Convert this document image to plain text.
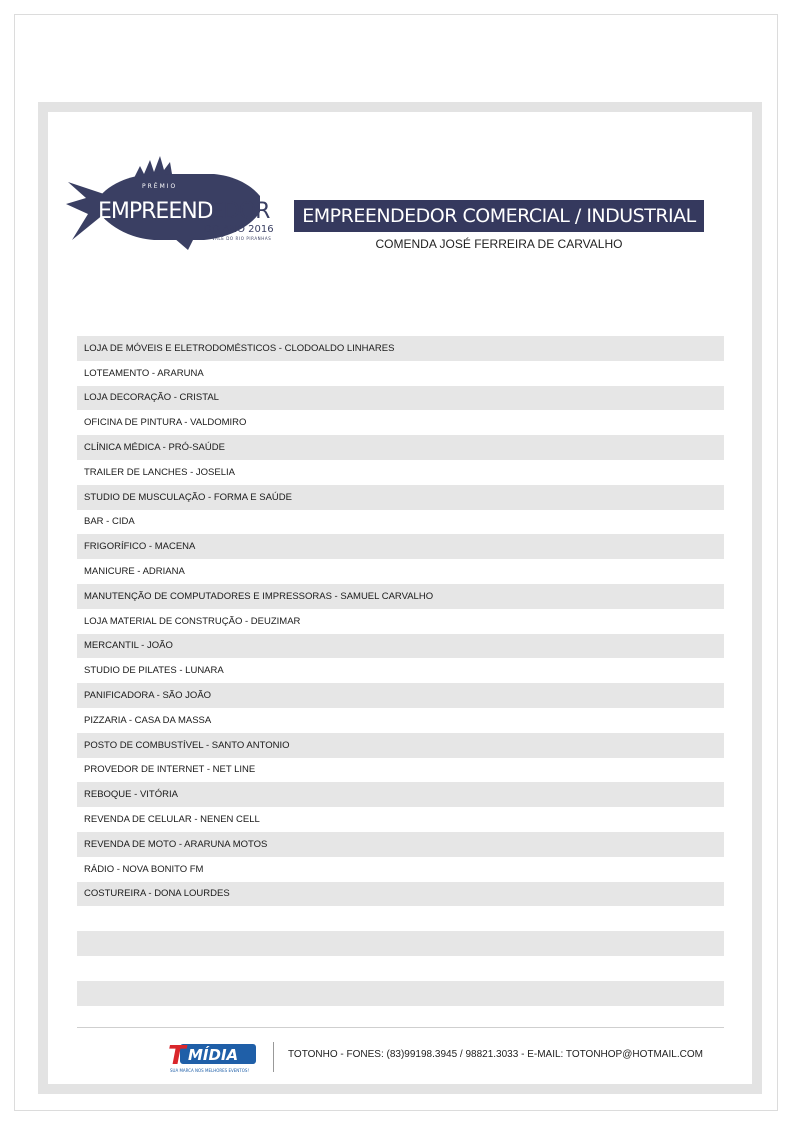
PRÊMIO
EMPREEND
EDOR
DO ANO 2016
VALE DO RIO PIRANHAS
EMPREENDEDOR COMERCIAL / INDUSTRIAL
COMENDA JOSÉ FERREIRA DE CARVALHO
LOJA DE MÓVEIS E ELETRODOMÉSTICOS - CLODOALDO LINHARES
LOTEAMENTO - ARARUNA
LOJA DECORAÇÃO - CRISTAL
OFICINA DE PINTURA - VALDOMIRO
CLÍNICA MÉDICA - PRÓ-SAÚDE
TRAILER DE LANCHES - JOSELIA
STUDIO DE MUSCULAÇÃO - FORMA E SAÚDE
BAR - CIDA
FRIGORÍFICO - MACENA
MANICURE - ADRIANA
MANUTENÇÃO DE COMPUTADORES E IMPRESSORAS - SAMUEL CARVALHO
LOJA MATERIAL DE CONSTRUÇÃO - DEUZIMAR
MERCANTIL - JOÃO
STUDIO DE PILATES - LUNARA
PANIFICADORA - SÃO JOÃO
PIZZARIA - CASA DA MASSA
POSTO DE COMBUSTÍVEL - SANTO ANTONIO
PROVEDOR DE INTERNET - NET LINE
REBOQUE - VITÓRIA
REVENDA DE CELULAR - NENEN CELL
REVENDA DE MOTO - ARARUNA MOTOS
RÁDIO - NOVA BONITO FM
COSTUREIRA - DONA LOURDES
T MÍDIA
SUA MARCA NOS MELHORES EVENTOS!
TOTONHO - FONES: (83)99198.3945 / 98821.3033 - E-MAIL: TOTONHOP@HOTMAIL.COM
